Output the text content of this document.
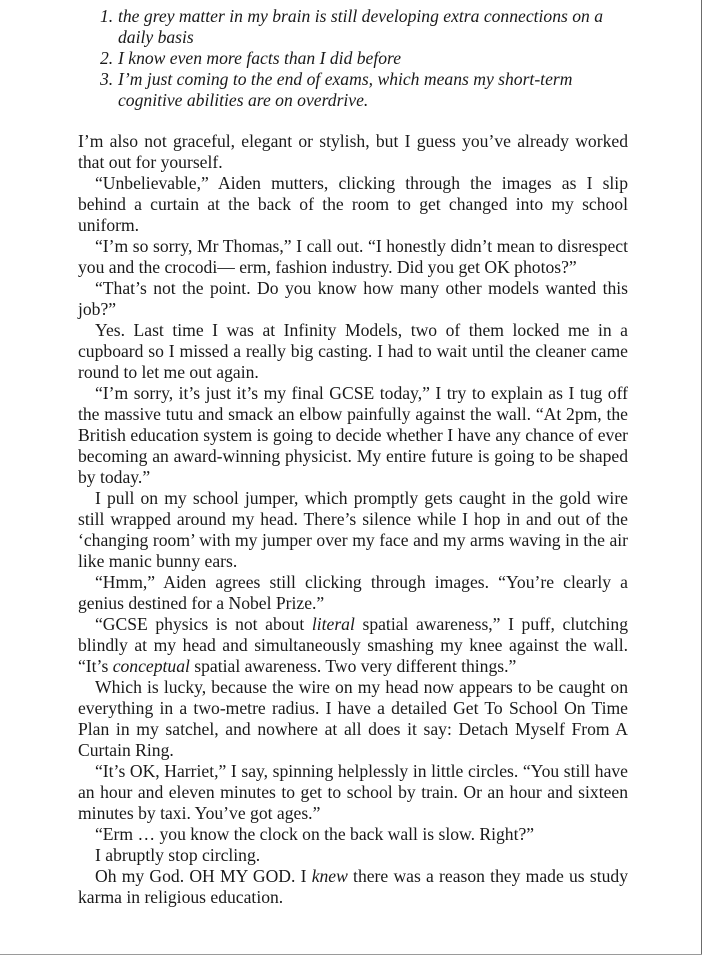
the grey matter in my brain is still developing extra connections on a daily basis
I know even more facts than I did before
I’m just coming to the end of exams, which means my short-term cognitive abilities are on overdrive.

I’m also not graceful, elegant or stylish, but I guess you’ve already worked that out for yourself.

“Unbelievable,” Aiden mutters, clicking through the images as I slip behind a curtain at the back of the room to get changed into my school uniform.

“I’m so sorry, Mr Thomas,” I call out. “I honestly didn’t mean to disrespect you and the crocodi— erm, fashion industry. Did you get OK photos?”

“That’s not the point. Do you know how many other models wanted this job?”

Yes. Last time I was at Infinity Models, two of them locked me in a cupboard so I missed a really big casting. I had to wait until the cleaner came round to let me out again.

“I’m sorry, it’s just it’s my final GCSE today,” I try to explain as I tug off the massive tutu and smack an elbow painfully against the wall. “At 2pm, the British education system is going to decide whether I have any chance of ever becoming an award-winning physicist. My entire future is going to be shaped by today.”

I pull on my school jumper, which promptly gets caught in the gold wire still wrapped around my head. There’s silence while I hop in and out of the ‘changing room’ with my jumper over my face and my arms waving in the air like manic bunny ears.

“Hmm,” Aiden agrees still clicking through images. “You’re clearly a genius destined for a Nobel Prize.”

“GCSE physics is not about literal spatial awareness,” I puff, clutching blindly at my head and simultaneously smashing my knee against the wall. “It’s conceptual spatial awareness. Two very different things.”

Which is lucky, because the wire on my head now appears to be caught on everything in a two-metre radius. I have a detailed Get To School On Time Plan in my satchel, and nowhere at all does it say: Detach Myself From A Curtain Ring.

“It’s OK, Harriet,” I say, spinning helplessly in little circles. “You still have an hour and eleven minutes to get to school by train. Or an hour and sixteen minutes by taxi. You’ve got ages.”

“Erm … you know the clock on the back wall is slow. Right?”

I abruptly stop circling.

Oh my God. OH MY GOD. I knew there was a reason they made us study karma in religious education.
